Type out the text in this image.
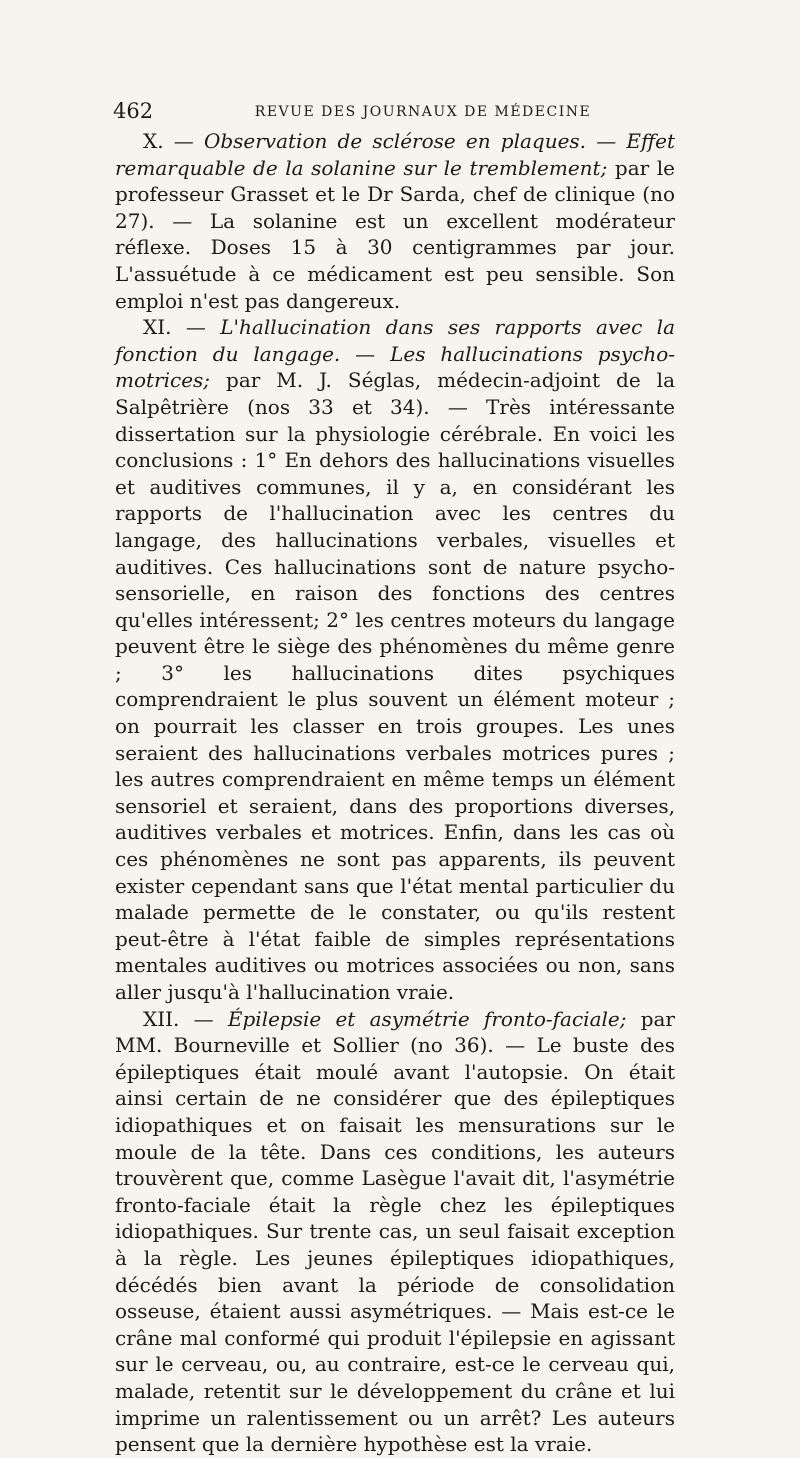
462	REVUE DES JOURNAUX DE MÉDECINE

X. — Observation de sclérose en plaques. — Effet remarquable de la solanine sur le tremblement; par le professeur Grasset et le Dr Sarda, chef de clinique (no 27). — La solanine est un excellent modérateur réflexe. Doses 15 à 30 centigrammes par jour. L'assuétude à ce médicament est peu sensible. Son emploi n'est pas dangereux.

XI. — L'hallucination dans ses rapports avec la fonction du langage. — Les hallucinations psycho-motrices; par M. J. Séglas, médecin-adjoint de la Salpêtrière (nos 33 et 34). — Très intéressante dissertation sur la physiologie cérébrale. En voici les conclusions : 1° En dehors des hallucinations visuelles et auditives communes, il y a, en considérant les rapports de l'hallucination avec les centres du langage, des hallucinations verbales, visuelles et auditives. Ces hallucinations sont de nature psycho-sensorielle, en raison des fonctions des centres qu'elles intéressent; 2° les centres moteurs du langage peuvent être le siège des phénomènes du même genre ; 3° les hallucinations dites psychiques comprendraient le plus souvent un élément moteur ; on pourrait les classer en trois groupes. Les unes seraient des hallucinations verbales motrices pures ; les autres comprendraient en même temps un élément sensoriel et seraient, dans des proportions diverses, auditives verbales et motrices. Enfin, dans les cas où ces phénomènes ne sont pas apparents, ils peuvent exister cependant sans que l'état mental particulier du malade permette de le constater, ou qu'ils restent peut-être à l'état faible de simples représentations mentales auditives ou motrices associées ou non, sans aller jusqu'à l'hallucination vraie.

XII. — Épilepsie et asymétrie fronto-faciale; par MM. Bourneville et Sollier (no 36). — Le buste des épileptiques était moulé avant l'autopsie. On était ainsi certain de ne considérer que des épileptiques idiopathiques et on faisait les mensurations sur le moule de la tête. Dans ces conditions, les auteurs trouvèrent que, comme Lasègue l'avait dit, l'asymétrie fronto-faciale était la règle chez les épileptiques idiopathiques. Sur trente cas, un seul faisait exception à la règle. Les jeunes épileptiques idiopathiques, décédés bien avant la période de consolidation osseuse, étaient aussi asymétriques. — Mais est-ce le crâne mal conformé qui produit l'épilepsie en agissant sur le cerveau, ou, au contraire, est-ce le cerveau qui, malade, retentit sur le développement du crâne et lui imprime un ralentissement ou un arrêt? Les auteurs pensent que la dernière hypothèse est la vraie.
